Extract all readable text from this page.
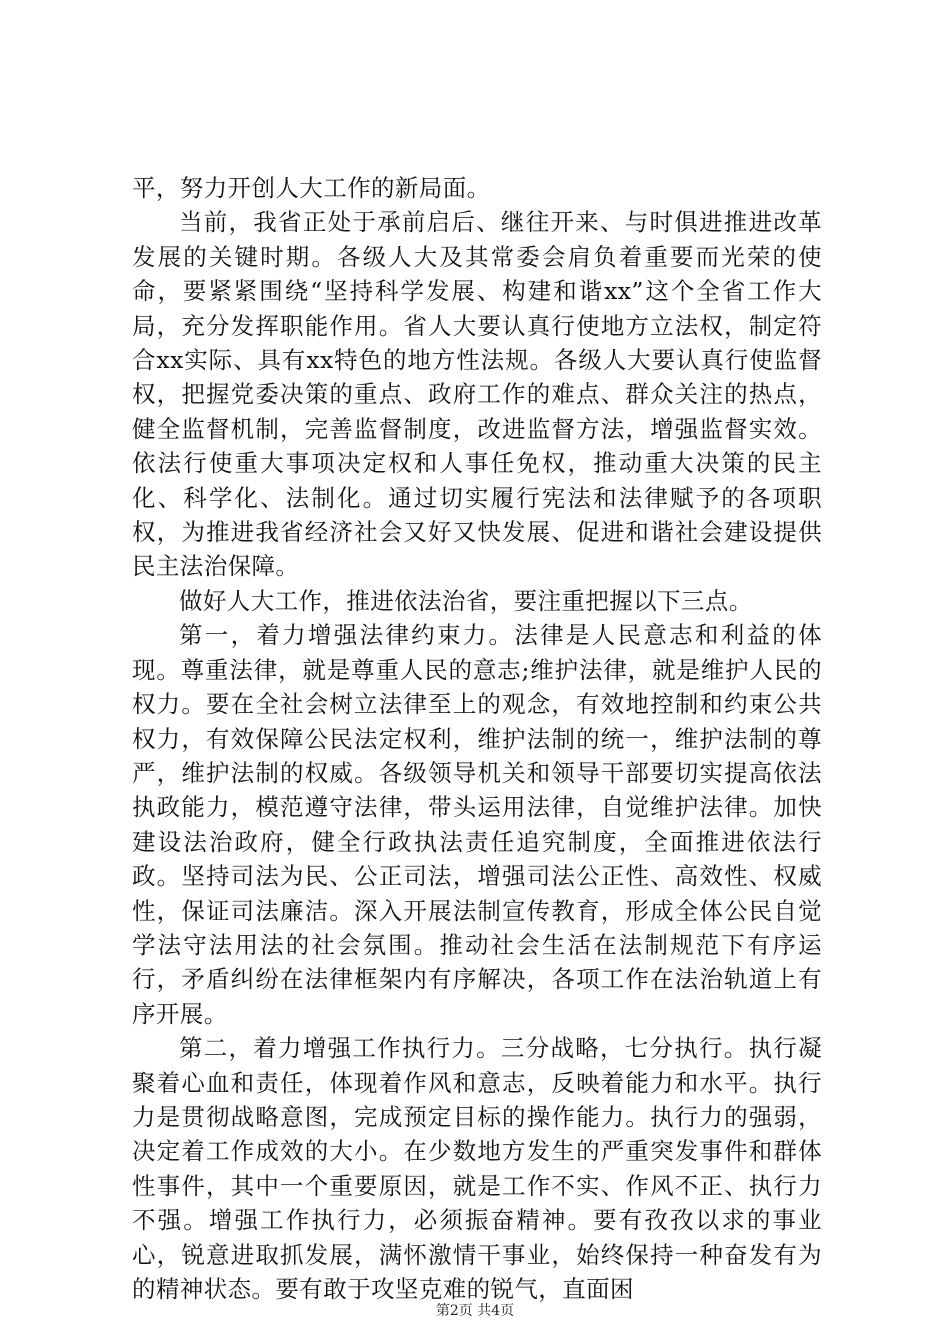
平，努力开创人大工作的新局面。

当前，我省正处于承前启后、继往开来、与时俱进推进改革发展的关键时期。各级人大及其常委会肩负着重要而光荣的使命，要紧紧围绕“坚持科学发展、构建和谐xx”这个全省工作大局，充分发挥职能作用。省人大要认真行使地方立法权，制定符合xx实际、具有xx特色的地方性法规。各级人大要认真行使监督权，把握党委决策的重点、政府工作的难点、群众关注的热点，健全监督机制，完善监督制度，改进监督方法，增强监督实效。依法行使重大事项决定权和人事任免权，推动重大决策的民主化、科学化、法制化。通过切实履行宪法和法律赋予的各项职权，为推进我省经济社会又好又快发展、促进和谐社会建设提供民主法治保障。

做好人大工作，推进依法治省，要注重把握以下三点。

第一，着力增强法律约束力。法律是人民意志和利益的体现。尊重法律，就是尊重人民的意志;维护法律，就是维护人民的权力。要在全社会树立法律至上的观念，有效地控制和约束公共权力，有效保障公民法定权利，维护法制的统一，维护法制的尊严，维护法制的权威。各级领导机关和领导干部要切实提高依法执政能力，模范遵守法律，带头运用法律，自觉维护法律。加快建设法治政府，健全行政执法责任追究制度，全面推进依法行政。坚持司法为民、公正司法，增强司法公正性、高效性、权威性，保证司法廉洁。深入开展法制宣传教育，形成全体公民自觉学法守法用法的社会氛围。推动社会生活在法制规范下有序运行，矛盾纠纷在法律框架内有序解决，各项工作在法治轨道上有序开展。

第二，着力增强工作执行力。三分战略，七分执行。执行凝聚着心血和责任，体现着作风和意志，反映着能力和水平。执行力是贯彻战略意图，完成预定目标的操作能力。执行力的强弱，决定着工作成效的大小。在少数地方发生的严重突发事件和群体性事件，其中一个重要原因，就是工作不实、作风不正、执行力不强。增强工作执行力，必须振奋精神。要有孜孜以求的事业心，锐意进取抓发展，满怀激情干事业，始终保持一种奋发有为的精神状态。要有敢于攻坚克难的锐气，直面困

第2页 共4页
